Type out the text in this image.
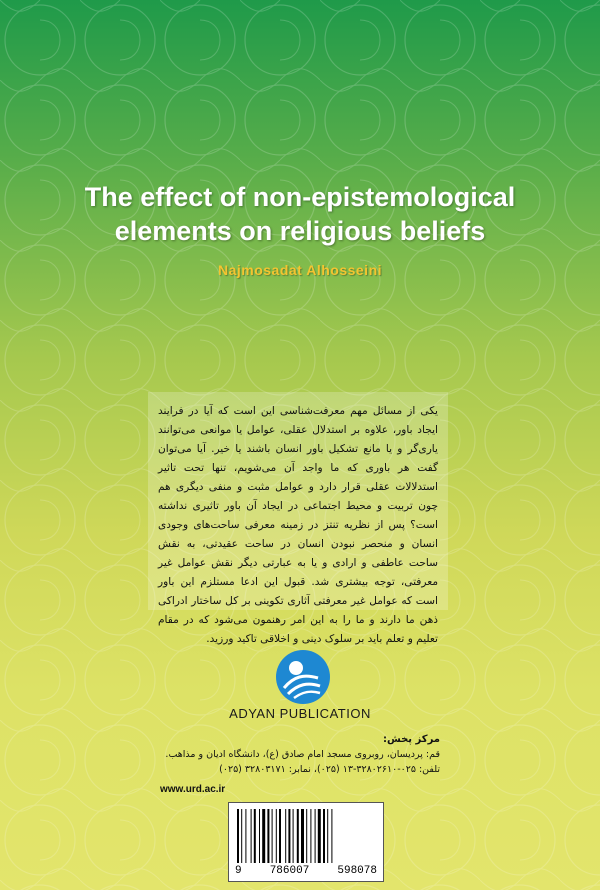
The effect of non-epistemological
elements on religious beliefs
Najmosadat Alhosseini
یکی از مسائل مهم معرفت‌شناسی این است که آیا در فرایند ایجاد باور، علاوه بر استدلال عقلی، عوامل یا موانعی می‌توانند یاری‌گر و یا مانع تشکیل باور انسان باشند یا خیر. آیا می‌توان گفت هر باوری که ما واجد آن می‌شویم، تنها تحت تاثیر استدلالات عقلی قرار دارد و عوامل مثبت و منفی دیگری هم چون تربیت و محیط اجتماعی در ایجاد آن باور تاثیری نداشته است؟ پس از نظریه تنتز در زمینه معرفی ساحت‌های وجودی انسان و منحصر نبودن انسان در ساحت عقیدتی، به نقش ساحت عاطفی و ارادی و یا به عبارتی دیگر نقش عوامل غیر معرفتی، توجه بیشتری شد. قبول این ادعا مستلزم این باور است که عوامل غیر معرفتی آثاری تکوینی بر کل ساختار ادراکی ذهن ما دارند و ما را به این امر رهنمون می‌شود که در مقام تعلیم و تعلم باید بر سلوک دینی و اخلاقی تاکید ورزید.
ADYAN PUBLICATION
مرکز پخش:
قم: پردیسان، روبروی مسجد امام صادق (ع)، دانشگاه ادیان و مذاهب.
تلفن: ۰۲۵-۳۲۸۰۲۶۱۰-۱۳ (۰۲۵)، نمابر: ۳۲۸۰۳۱۷۱ (۰۲۵)
www.urd.ac.ir
9	786007	598078
